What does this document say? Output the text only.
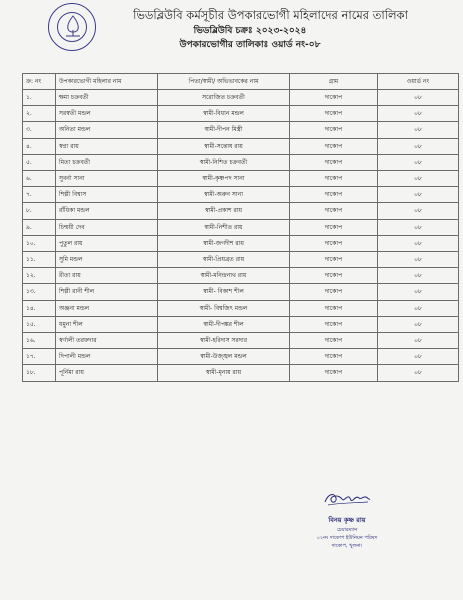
ভিডব্লিউবি কর্মসূচীর উপকারভোগী মহিলাদের নামের তালিকা
ভিডব্লিউবি চক্রঃ ২০২৩-২০২৪
উপকারভোগীর তালিকাঃ ওয়ার্ড নং-০৮
ক্র: নং	উপকারভোগী মহিলার নাম	পিতা/স্বামী/ অভিভাবকের নাম	গ্রাম	ওয়ার্ড নং
১.	ক্ষমা চক্রবর্তী	সরোজিত চক্রবর্তী	দাকোপ	০৮
২.	সরস্বতী মন্ডল	স্বামী-বিধান মন্ডল	দাকোপ	০৮
৩.	অনিতা মন্ডল	স্বামী-দীপন মিস্ত্রী	দাকোপ	০৮
৪.	স্বপ্না রায়	স্বামী-সন্তোষ রায়	দাকোপ	০৮
৫.	মিতা চক্রবর্তী	স্বামী-নিশিত চক্রবর্তী	দাকোপ	০৮
৬.	সুবর্না সানা	স্বামী-কৃষ্ণপদ সানা	দাকোপ	০৮
৭.	শিল্পী বিশ্বাস	স্বামী-অরুন সানা	দাকোপ	০৮
৮.	রাঁধিকা মন্ডল	স্বামী-প্রকাশ রায়	দাকোপ	০৮
৯.	চিন্ময়ী দেব	স্বামী-নিশীত রায়	দাকোপ	০৮
১০.	পুতুল রায়	স্বামী-জগদীশ রায়	দাকোপ	০৮
১১.	সুমি মন্ডল	স্বামী-প্রিয়ব্রত রায়	দাকোপ	০৮
১২.	রীতা রায়	স্বামী-মনিন্দ্রনাথ রায়	দাকোপ	০৮
১৩.	শিল্পী রানী শীল	স্বামী- বিকাশ শীল	দাকোপ	০৮
১৪.	অঞ্জনা মন্ডল	স্বামী- বিশ্বজিৎ মন্ডল	দাকোপ	০৮
১৫.	যমুনা শীল	স্বামী-দীপঙ্কর শীল	দাকোপ	০৮
১৬.	স্বর্ণালী তরফদার	স্বামী-হরিদাস সরদার	দাকোপ	০৮
১৭.	দিপালী মন্ডল	স্বামী-উজ্জ্বল মন্ডল	দাকোপ	০৮
১৮.	পূর্নিমা রায়	স্বামী-মৃনায় রায়	দাকোপ	০৮
বিনয় কৃষ্ণ রায়
চেয়ারম্যান
০২নং দাকোপ ইউনিয়ন পরিষদ
দাকোপ, খুলনা।
